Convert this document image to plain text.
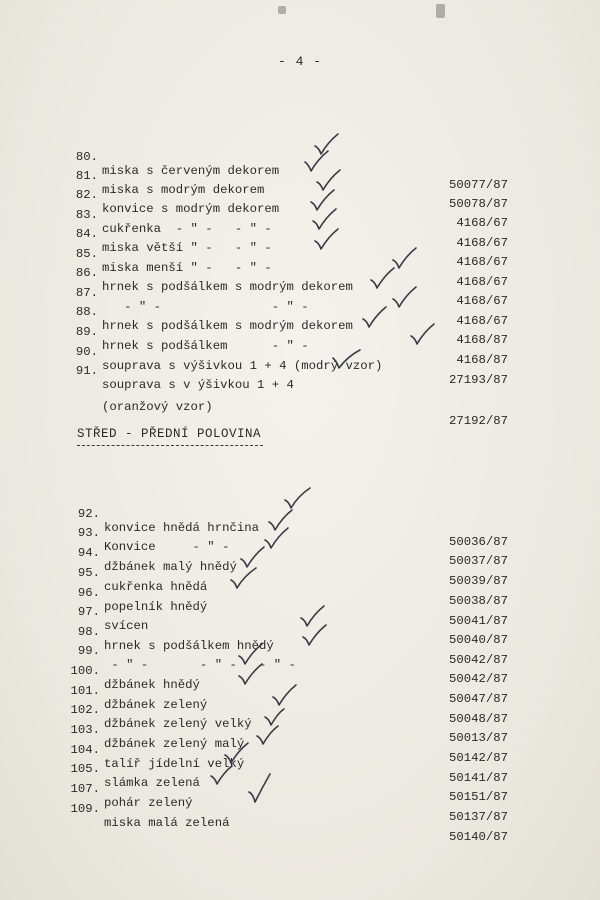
- 4 -

80.

miska s červeným dekorem

50077/87

81.

miska s modrým dekorem

50078/87

82.

konvice s modrým dekorem

4168/67

83.

cukřenka  - " -   - " -

4168/67

84.

miska větší " -   - " -

4168/67

85.

miska menší " -   - " -

4168/67

86.

hrnek s podšálkem s modrým dekorem

4168/67

87.

- " -               - " -

4168/67

88.

hrnek s podšálkem s modrým dekorem

4168/87

89.

hrnek s podšálkem      - " -

4168/87

90.

souprava s výšivkou 1 + 4 (modrý vzor)

27193/87

91.

souprava s v ýšivkou 1 + 4

(oranžový vzor)

27192/87

STŘED - PŘEDNÍ POLOVINA

92.

konvice hnědá hrnčina

50036/87

93.

Konvice     - " -

50037/87

94.

džbánek malý hnědý

50039/87

95.

cukřenka hnědá

50038/87

96.

popelník hnědý

50041/87

97.

svícen

50040/87

98.

hrnek s podšálkem hnědý

50042/87

99.

- " -       - " -   - " -

50042/87

100.

džbánek hnědý

50047/87

101.

džbánek zelený

50048/87

102.

džbánek zelený velký

50013/87

103.

džbánek zelený malý

50142/87

104.

talíř jídelní velký

50141/87

105.

slámka zelená

50151/87

107.

pohár zelený

50137/87

109.

miska malá zelená

50140/87
